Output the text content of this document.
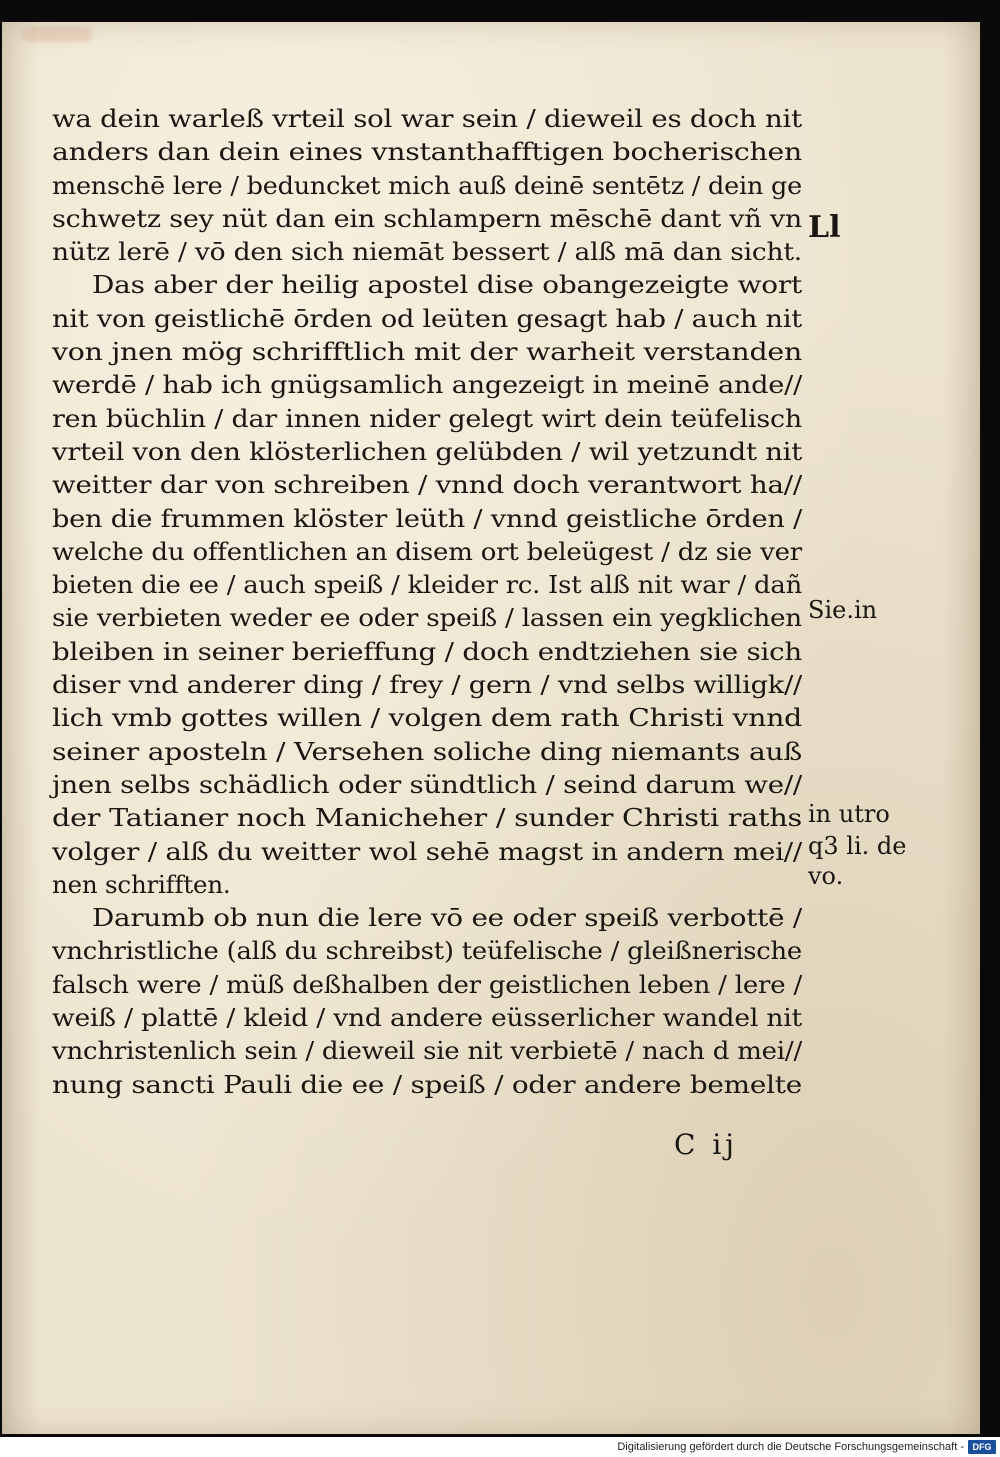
wa dein warleß vrteil sol war sein / dieweil es doch nit
anders dan dein eines vnstanthafftigen bocherischen
menschē lere / beduncket mich auß deinē sentētz / dein ge
schwetz sey nüt dan ein schlampern mēschē dant vñ vn
nütz lerē / vō den sich niemāt bessert / alß mā dan sicht.
Das aber der heilig apostel dise obangezeigte wort
nit von geistlichē ōrden od leüten gesagt hab / auch nit
von jnen mög schrifftlich mit der warheit verstanden
werdē / hab ich gnügsamlich angezeigt in meinē ande//
ren büchlin / dar innen nider gelegt wirt dein teüfelisch
vrteil von den klösterlichen gelübden / wil yetzundt nit
weitter dar von schreiben / vnnd doch verantwort ha//
ben die frummen klöster leüth / vnnd geistliche ōrden /
welche du offentlichen an disem ort beleügest / dz sie ver
bieten die ee / auch speiß / kleider rc. Ist alß nit war / dañ
sie verbieten weder ee oder speiß / lassen ein yegklichen
bleiben in seiner berieffung / doch endtziehen sie sich
diser vnd anderer ding / frey / gern / vnd selbs willigk//
lich vmb gottes willen / volgen dem rath Christi vnnd
seiner aposteln / Versehen soliche ding niemants auß
jnen selbs schädlich oder sündtlich / seind darum we//
der Tatianer noch Manicheher / sunder Christi raths
volger / alß du weitter wol sehē magst in andern mei//
nen schrifften.
Darumb ob nun die lere vō ee oder speiß verbottē /
vnchristliche (alß du schreibst) teüfelische / gleißnerische
falsch were / müß deßhalben der geistlichen leben / lere /
weiß / plattē / kleid / vnd andere eüsserlicher wandel nit
vnchristenlich sein / dieweil sie nit verbietē / nach d mei//
nung sancti Pauli die ee / speiß / oder andere bemelte
Ll
Sie.in
in utro
q3 li. de
vo.
C ij
Digitalisierung gefördert durch die Deutsche Forschungsgemeinschaft - DFG
